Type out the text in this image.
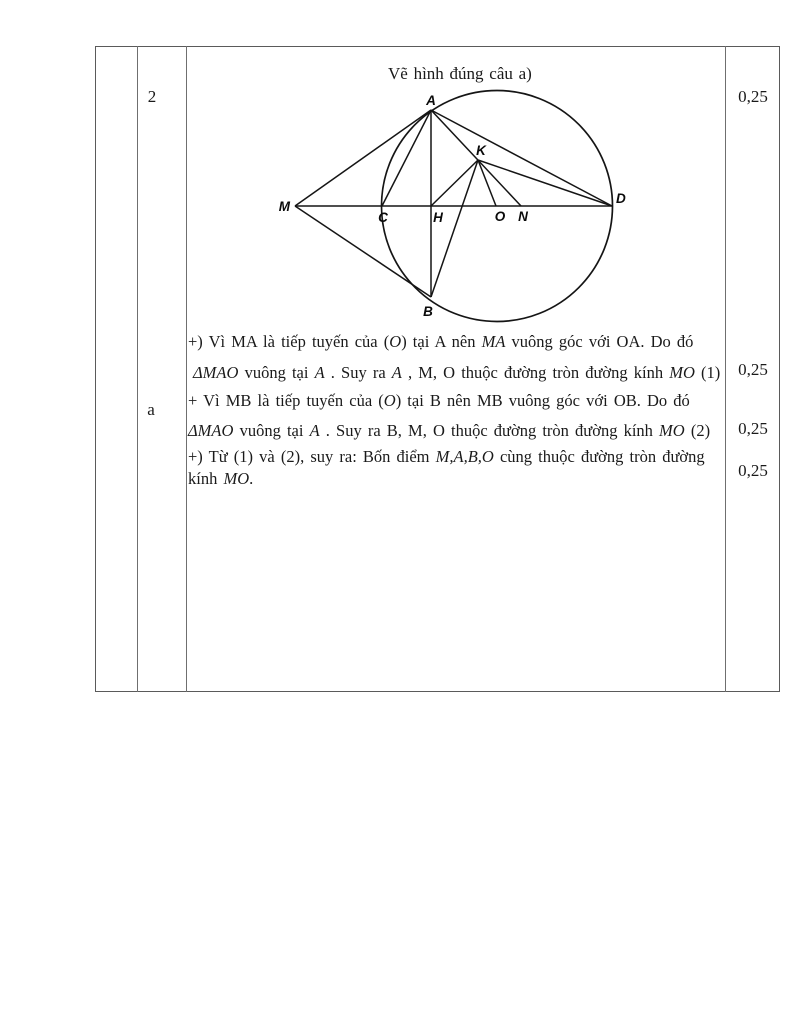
2
a
Vẽ hình đúng câu a)
A
K
M
C	H	O N
D
B
+) Vì MA là tiếp tuyến của (O) tại A nên MA vuông góc với OA. Do đó
ΔMAO vuông tại A . Suy ra A , M, O thuộc đường tròn đường kính MO (1)
+ Vì MB là tiếp tuyến của (O) tại B nên MB vuông góc với OB. Do đó
ΔMAO vuông tại A . Suy ra B, M, O thuộc đường tròn đường kính MO (2)
+) Từ (1) và (2), suy ra: Bốn điểm M,A,B,O cùng thuộc đường tròn đường
kính MO.
0,25
0,25
0,25
0,25
